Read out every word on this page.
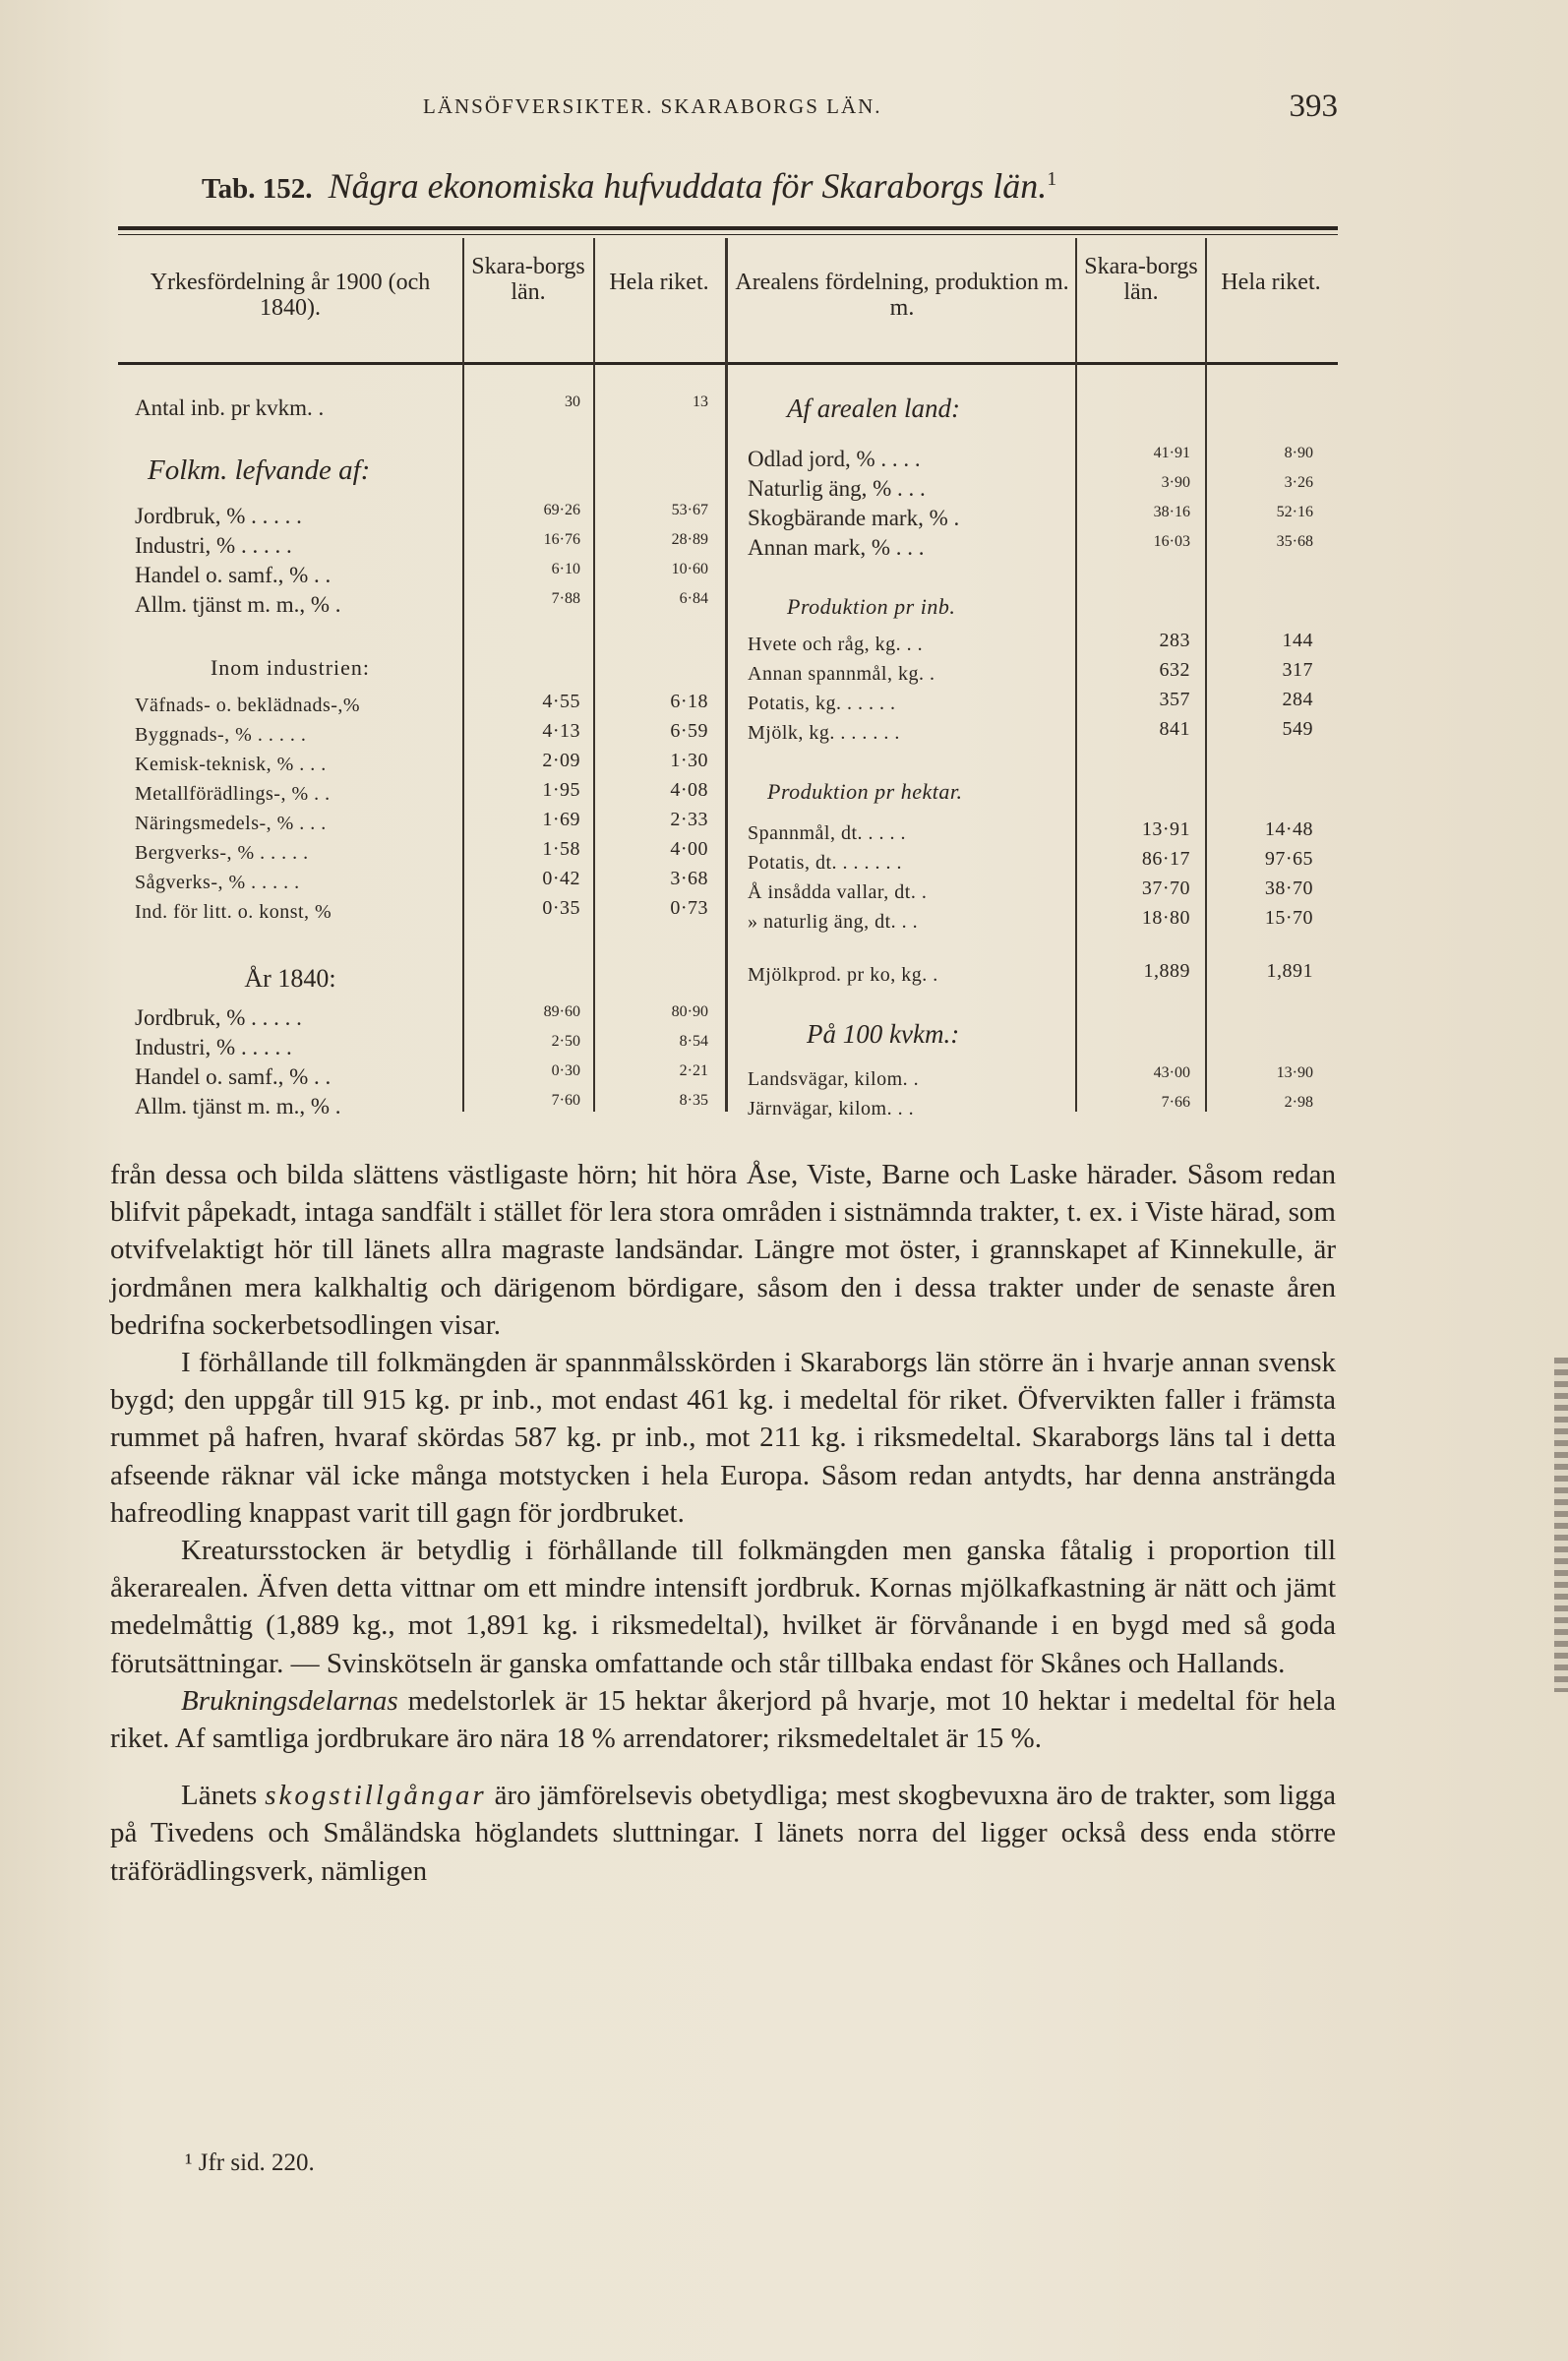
LÄNSÖFVERSIKTER. SKARABORGS LÄN.	393
Tab. 152. Några ekonomiska hufvuddata för Skaraborgs län.$^1$
Yrkesfördelning år 1900 (och 1840).
Skara-borgs län.	Hela riket.	Arealens fördelning, produktion m. m.
Skara-borgs län.	Hela riket.
Antal inb. pr kvkm. .	30	13
Folkm. lefvande af:
Jordbruk, % . . . . .	69·26	53·67
Industri, % . . . . .	16·76	28·89
Handel o. samf., % . .	6·10	10·60
Allm. tjänst m. m., % .	7·88	6·84
Inom industrien:
Väfnads- o. beklädnads-,%	4·55	6·18
Byggnads-, % . . . . .	4·13	6·59
Kemisk-teknisk, % . . .	2·09	1·30
Metallförädlings-, % . .	1·95	4·08
Näringsmedels-, % . . .	1·69	2·33
Bergverks-, % . . . . .	1·58	4·00
Sågverks-, % . . . . .	0·42	3·68
Ind. för litt. o. konst, %	0·35	0·73
År 1840:
Jordbruk, % . . . . .	89·60	80·90
Industri, % . . . . .	2·50	8·54
Handel o. samf., % . .	0·30	2·21
Allm. tjänst m. m., % .	7·60	8·35
Af arealen land:
Odlad jord, % . . . .	41·91	8·90
Naturlig äng, % . . .	3·90	3·26
Skogbärande mark, % .	38·16	52·16
Annan mark, % . . .	16·03	35·68
Produktion pr inb.
Hvete och råg, kg. . .	283	144
Annan spannmål, kg. .	632	317
Potatis, kg. . . . . .	357	284
Mjölk, kg. . . . . . .	841	549
Produktion pr hektar.
Spannmål, dt. . . . .	13·91	14·48
Potatis, dt. . . . . . .	86·17	97·65
Å insådda vallar, dt. .	37·70	38·70
» naturlig äng, dt. . .	18·80	15·70
Mjölkprod. pr ko, kg. .	1,889	1,891
På 100 kvkm.:
Landsvägar, kilom. .	43·00	13·90
Järnvägar, kilom. . .	7·66	2·98

från dessa och bilda slättens västligaste hörn; hit höra Åse, Viste, Barne och Laske härader. Såsom redan blifvit påpekadt, intaga sandfält i stället för lera stora områden i sistnämnda trakter, t. ex. i Viste härad, som otvifvelaktigt hör till länets allra magraste landsändar. Längre mot öster, i grannskapet af Kinnekulle, är jordmånen mera kalkhaltig och därigenom bördigare, såsom den i dessa trakter under de senaste åren bedrifna sockerbetsodlingen visar.

I förhållande till folkmängden är spannmålsskörden i Skaraborgs län större än i hvarje annan svensk bygd; den uppgår till 915 kg. pr inb., mot endast 461 kg. i medeltal för riket. Öfvervikten faller i främsta rummet på hafren, hvaraf skördas 587 kg. pr inb., mot 211 kg. i riksmedeltal. Skaraborgs läns tal i detta afseende räknar väl icke många motstycken i hela Europa. Såsom redan antydts, har denna ansträngda hafreodling knappast varit till gagn för jordbruket.

Kreatursstocken är betydlig i förhållande till folkmängden men ganska fåtalig i proportion till åkerarealen. Äfven detta vittnar om ett mindre intensift jordbruk. Kornas mjölkafkastning är nätt och jämt medelmåttig (1,889 kg., mot 1,891 kg. i riksmedeltal), hvilket är förvånande i en bygd med så goda förutsättningar. — Svinskötseln är ganska omfattande och står tillbaka endast för Skånes och Hallands.

Brukningsdelarnas medelstorlek är 15 hektar åkerjord på hvarje, mot 10 hektar i medeltal för hela riket. Af samtliga jordbrukare äro nära 18 % arrendatorer; riksmedeltalet är 15 %.

Länets skogstillgångar äro jämförelsevis obetydliga; mest skogbevuxna äro de trakter, som ligga på Tivedens och Småländska höglandets sluttningar. I länets norra del ligger också dess enda större träförädlingsverk, nämligen

¹ Jfr sid. 220.
